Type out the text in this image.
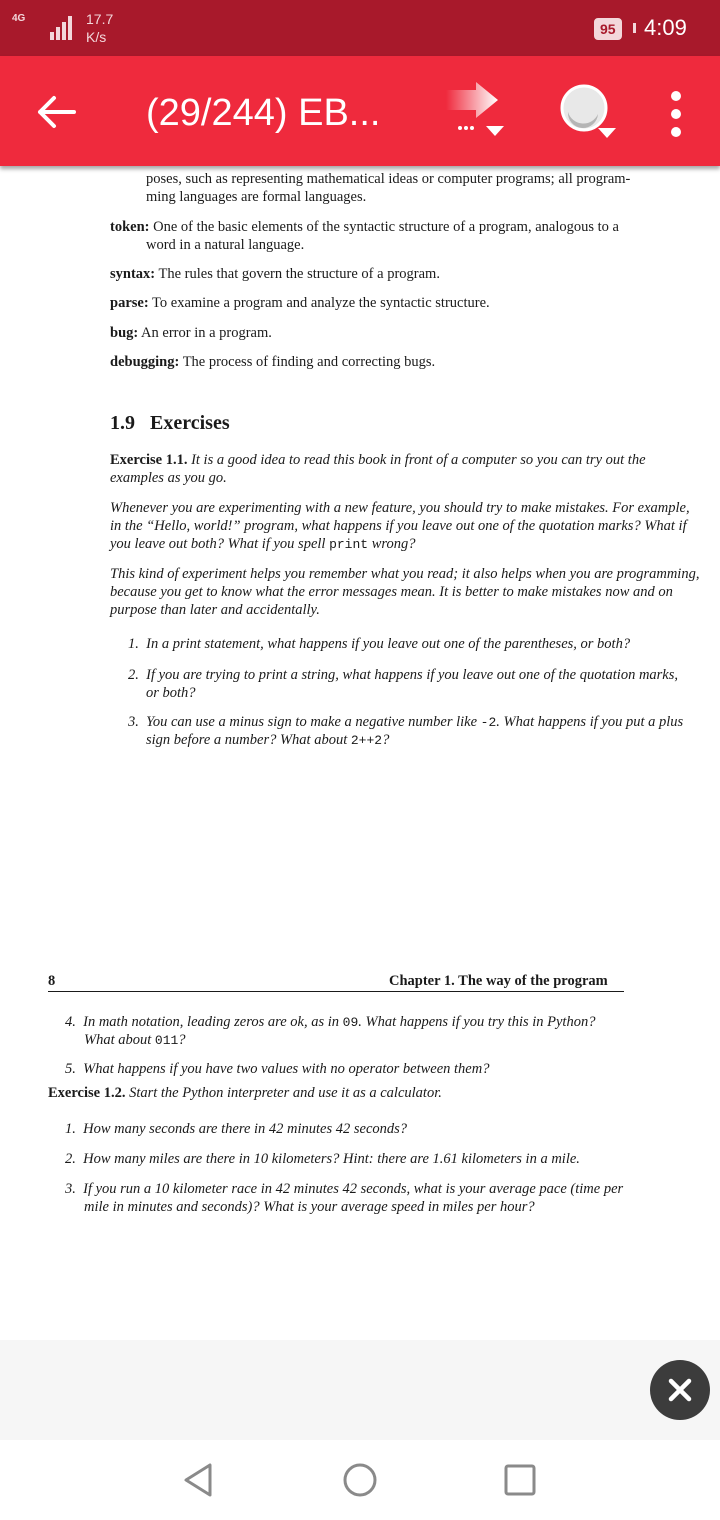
4G	17.7
K/s	95 4:09
(29/244) EB...

poses, such as representing mathematical ideas or computer programs; all program-

ming languages are formal languages.

token: One of the basic elements of the syntactic structure of a program, analogous to a

word in a natural language.

syntax: The rules that govern the structure of a program.

parse: To examine a program and analyze the syntactic structure.

bug: An error in a program.

debugging: The process of finding and correcting bugs.

1.9 Exercises

Exercise 1.1. It is a good idea to read this book in front of a computer so you can try out the

examples as you go.

Whenever you are experimenting with a new feature, you should try to make mistakes. For example,

in the “Hello, world!” program, what happens if you leave out one of the quotation marks? What if

you leave out both? What if you spell print wrong?

This kind of experiment helps you remember what you read; it also helps when you are programming,

because you get to know what the error messages mean. It is better to make mistakes now and on

purpose than later and accidentally.

1. In a print statement, what happens if you leave out one of the parentheses, or both?

2. If you are trying to print a string, what happens if you leave out one of the quotation marks,

or both?

3. You can use a minus sign to make a negative number like -2. What happens if you put a plus

sign before a number? What about 2++2?

8	Chapter 1. The way of the program

4. In math notation, leading zeros are ok, as in 09. What happens if you try this in Python?

What about 011?

5. What happens if you have two values with no operator between them?

Exercise 1.2. Start the Python interpreter and use it as a calculator.

1. How many seconds are there in 42 minutes 42 seconds?

2. How many miles are there in 10 kilometers? Hint: there are 1.61 kilometers in a mile.

3. If you run a 10 kilometer race in 42 minutes 42 seconds, what is your average pace (time per

mile in minutes and seconds)? What is your average speed in miles per hour?
